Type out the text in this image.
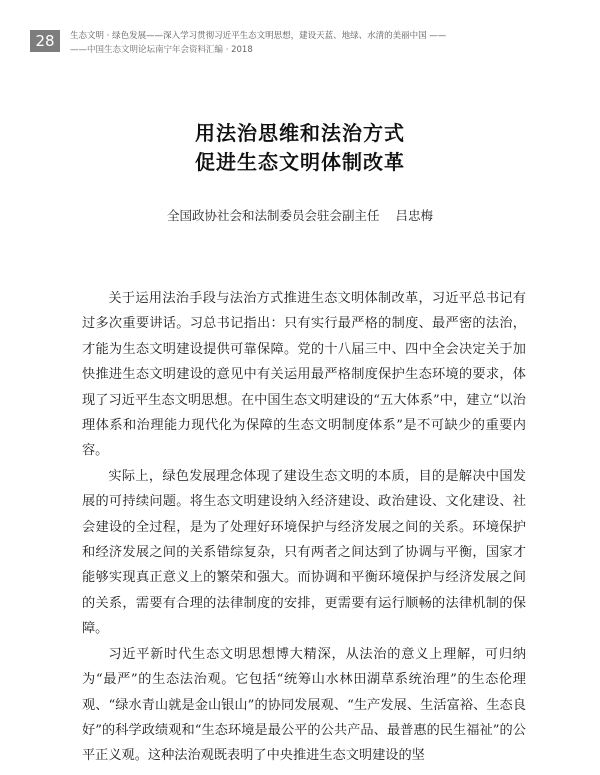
28	生态文明 · 绿色发展——深入学习贯彻习近平生态文明思想，建设天蓝、地绿、水清的美丽中国 ——
——中国生态文明论坛南宁年会资料汇编 · 2018
用法治思维和法治方式
促进生态文明体制改革
全国政协社会和法制委员会驻会副主任 吕忠梅

关于运用法治手段与法治方式推进生态文明体制改革，习近平总书记有过多次重要讲话。习总书记指出：只有实行最严格的制度、最严密的法治，才能为生态文明建设提供可靠保障。党的十八届三中、四中全会决定关于加快推进生态文明建设的意见中有关运用最严格制度保护生态环境的要求，体现了习近平生态文明思想。在中国生态文明建设的“五大体系”中，建立“以治理体系和治理能力现代化为保障的生态文明制度体系”是不可缺少的重要内容。

实际上，绿色发展理念体现了建设生态文明的本质，目的是解决中国发展的可持续问题。将生态文明建设纳入经济建设、政治建设、文化建设、社会建设的全过程，是为了处理好环境保护与经济发展之间的关系。环境保护和经济发展之间的关系错综复杂，只有两者之间达到了协调与平衡，国家才能够实现真正意义上的繁荣和强大。而协调和平衡环境保护与经济发展之间的关系，需要有合理的法律制度的安排，更需要有运行顺畅的法律机制的保障。

习近平新时代生态文明思想博大精深，从法治的意义上理解，可归纳为“最严”的生态法治观。它包括“统筹山水林田湖草系统治理”的生态伦理观、“绿水青山就是金山银山”的协同发展观、“生产发展、生活富裕、生态良好”的科学政绩观和“生态环境是最公平的公共产品、最普惠的民生福祉”的公平正义观。这种法治观既表明了中央推进生态文明建设的坚
